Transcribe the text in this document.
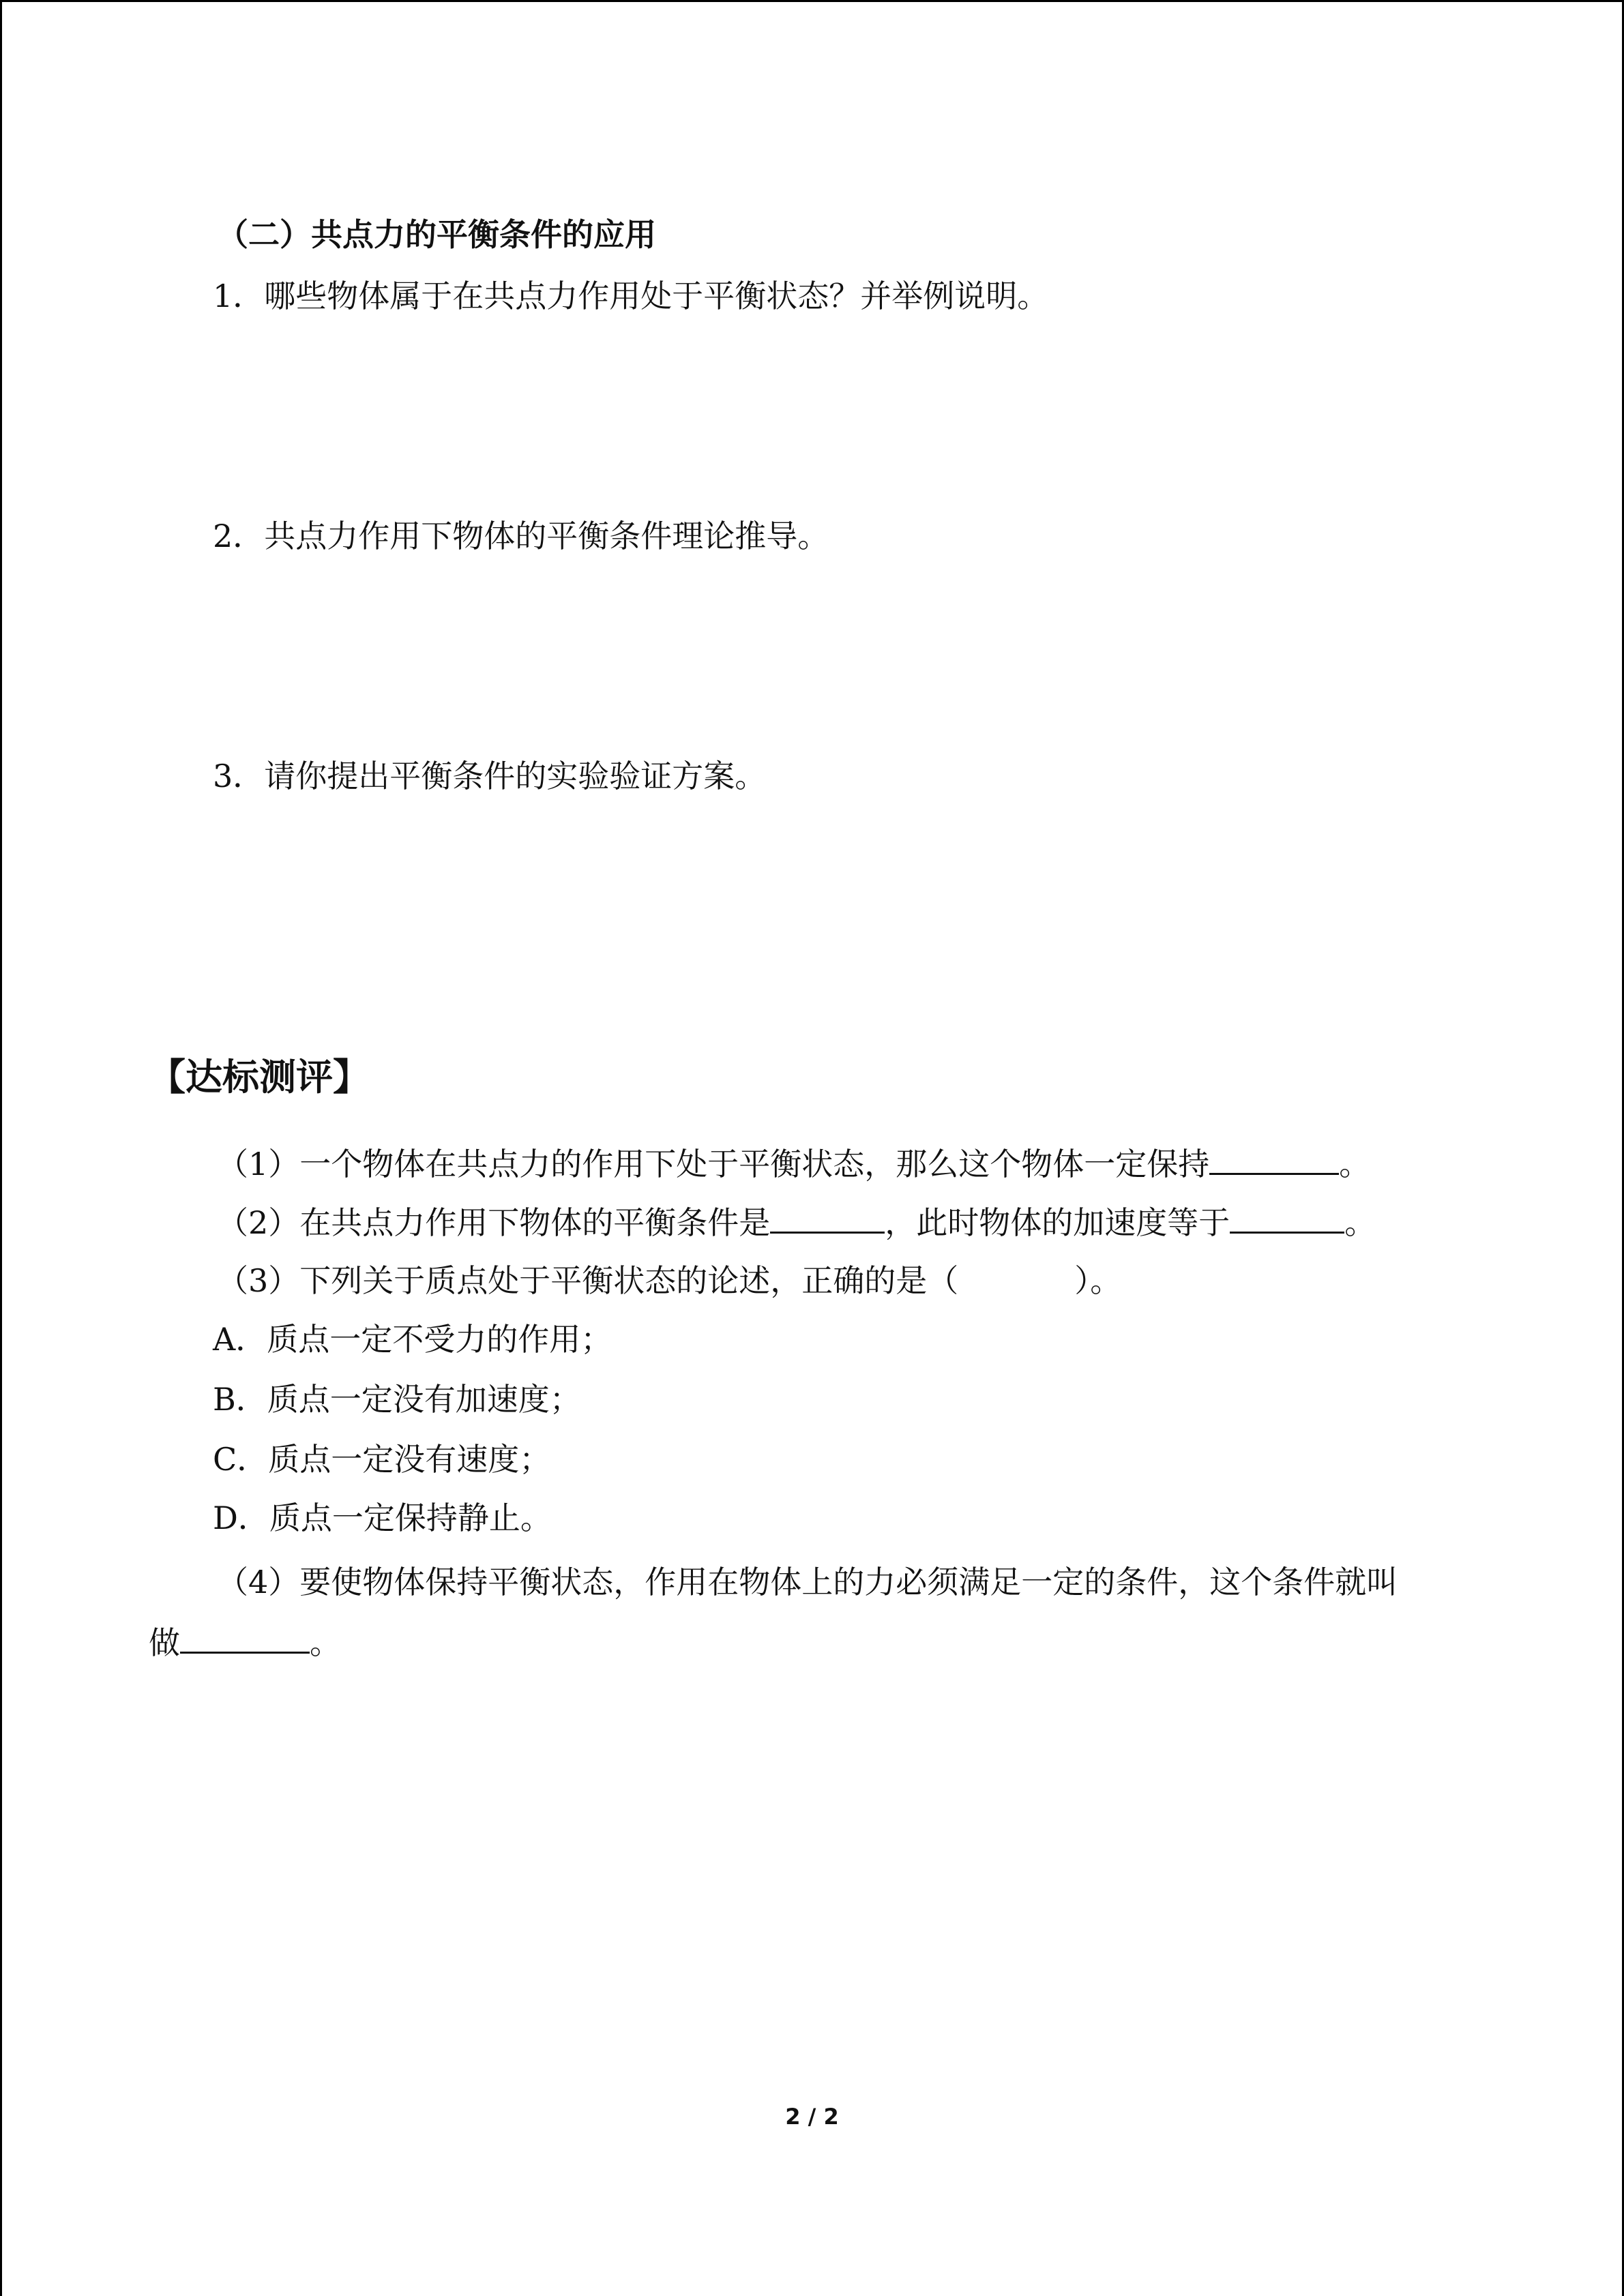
（二）共点力的平衡条件的应用
1．哪些物体属于在共点力作用处于平衡状态？并举例说明。
2．共点力作用下物体的平衡条件理论推导。
3．请你提出平衡条件的实验验证方案。
【达标测评】
（1）一个物体在共点力的作用下处于平衡状态，那么这个物体一定保持	。
（2）在共点力作用下物体的平衡条件是	，此时物体的加速度等于	。
（3）下列关于质点处于平衡状态的论述，正确的是（	）。
A．质点一定不受力的作用；
B．质点一定没有加速度；
C．质点一定没有速度；
D．质点一定保持静止。
（4）要使物体保持平衡状态，作用在物体上的力必须满足一定的条件，这个条件就叫
做	。
2 / 2
